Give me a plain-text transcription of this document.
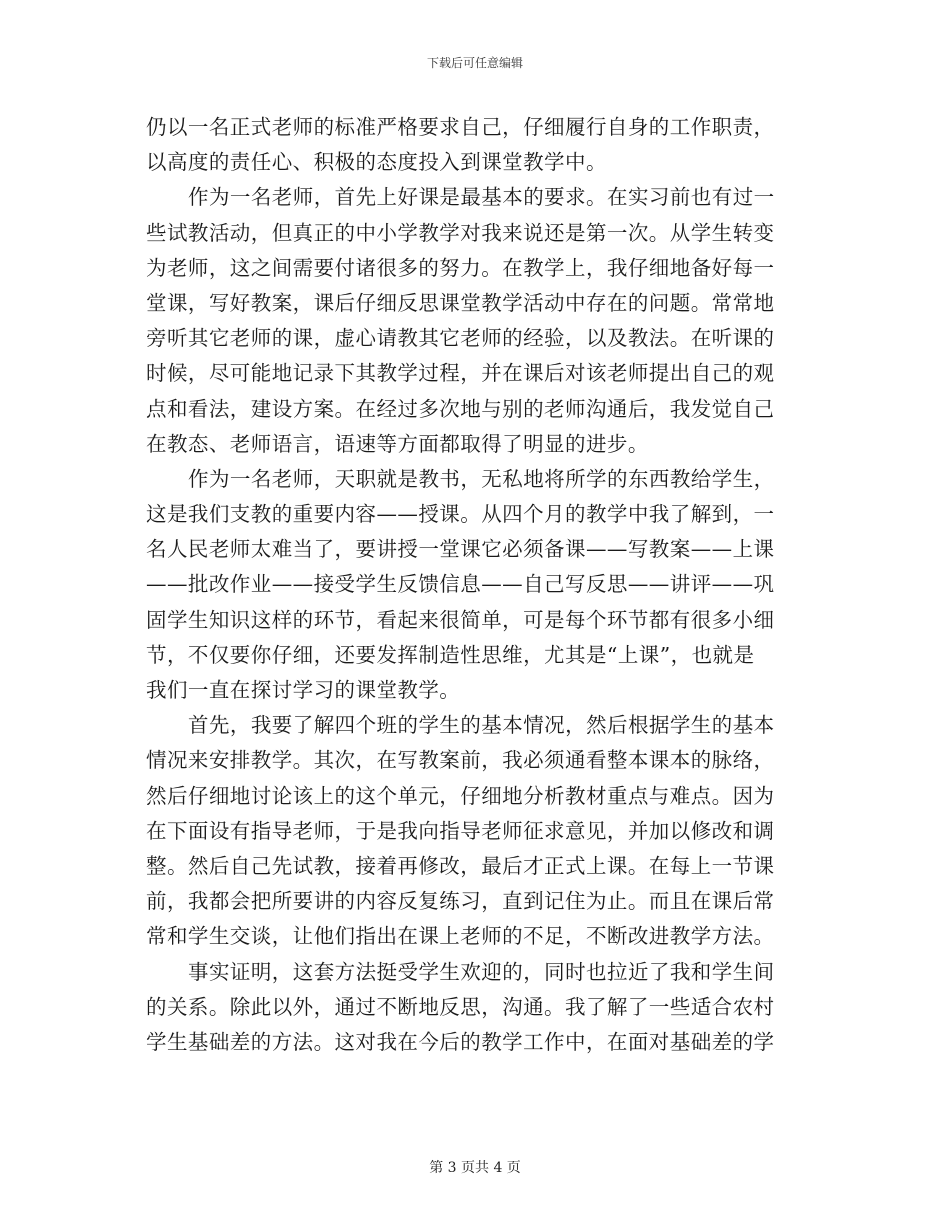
下载后可任意编辑
仍以一名正式老师的标准严格要求自己，仔细履行自身的工作职责，
以高度的责任心、积极的态度投入到课堂教学中。
作为一名老师，首先上好课是最基本的要求。在实习前也有过一
些试教活动，但真正的中小学教学对我来说还是第一次。从学生转变
为老师，这之间需要付诸很多的努力。在教学上，我仔细地备好每一
堂课，写好教案，课后仔细反思课堂教学活动中存在的问题。常常地
旁听其它老师的课，虚心请教其它老师的经验，以及教法。在听课的
时候，尽可能地记录下其教学过程，并在课后对该老师提出自己的观
点和看法，建设方案。在经过多次地与别的老师沟通后，我发觉自己
在教态、老师语言，语速等方面都取得了明显的进步。
作为一名老师，天职就是教书，无私地将所学的东西教给学生，
这是我们支教的重要内容——授课。从四个月的教学中我了解到，一
名人民老师太难当了，要讲授一堂课它必须备课——写教案——上课
——批改作业——接受学生反馈信息——自己写反思——讲评——巩
固学生知识这样的环节，看起来很简单，可是每个环节都有很多小细
节，不仅要你仔细，还要发挥制造性思维，尤其是“上课”，也就是
我们一直在探讨学习的课堂教学。
首先，我要了解四个班的学生的基本情况，然后根据学生的基本
情况来安排教学。其次，在写教案前，我必须通看整本课本的脉络，
然后仔细地讨论该上的这个单元，仔细地分析教材重点与难点。因为
在下面设有指导老师，于是我向指导老师征求意见，并加以修改和调
整。然后自己先试教，接着再修改，最后才正式上课。在每上一节课
前，我都会把所要讲的内容反复练习，直到记住为止。而且在课后常
常和学生交谈，让他们指出在课上老师的不足，不断改进教学方法。
事实证明，这套方法挺受学生欢迎的，同时也拉近了我和学生间
的关系。除此以外，通过不断地反思，沟通。我了解了一些适合农村
学生基础差的方法。这对我在今后的教学工作中，在面对基础差的学
第 3 页共 4 页
